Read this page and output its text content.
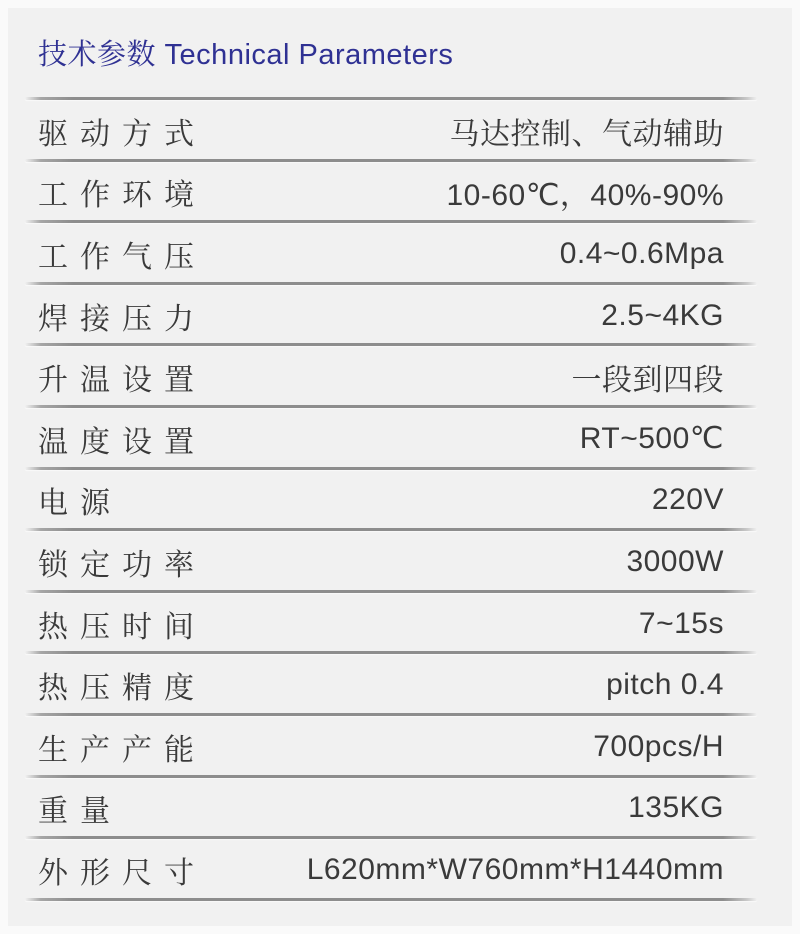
技术参数 Technical Parameters
驱动方式	马达控制、气动辅助
工作环境	10-60℃，40%-90%
工作气压	0.4~0.6Mpa
焊接压力	2.5~4KG
升温设置	一段到四段
温度设置	RT~500℃
电源	220V
锁定功率	3000W
热压时间	7~15s
热压精度	pitch 0.4
生产产能	700pcs/H
重量	135KG
外形尺寸	L620mm*W760mm*H1440mm
